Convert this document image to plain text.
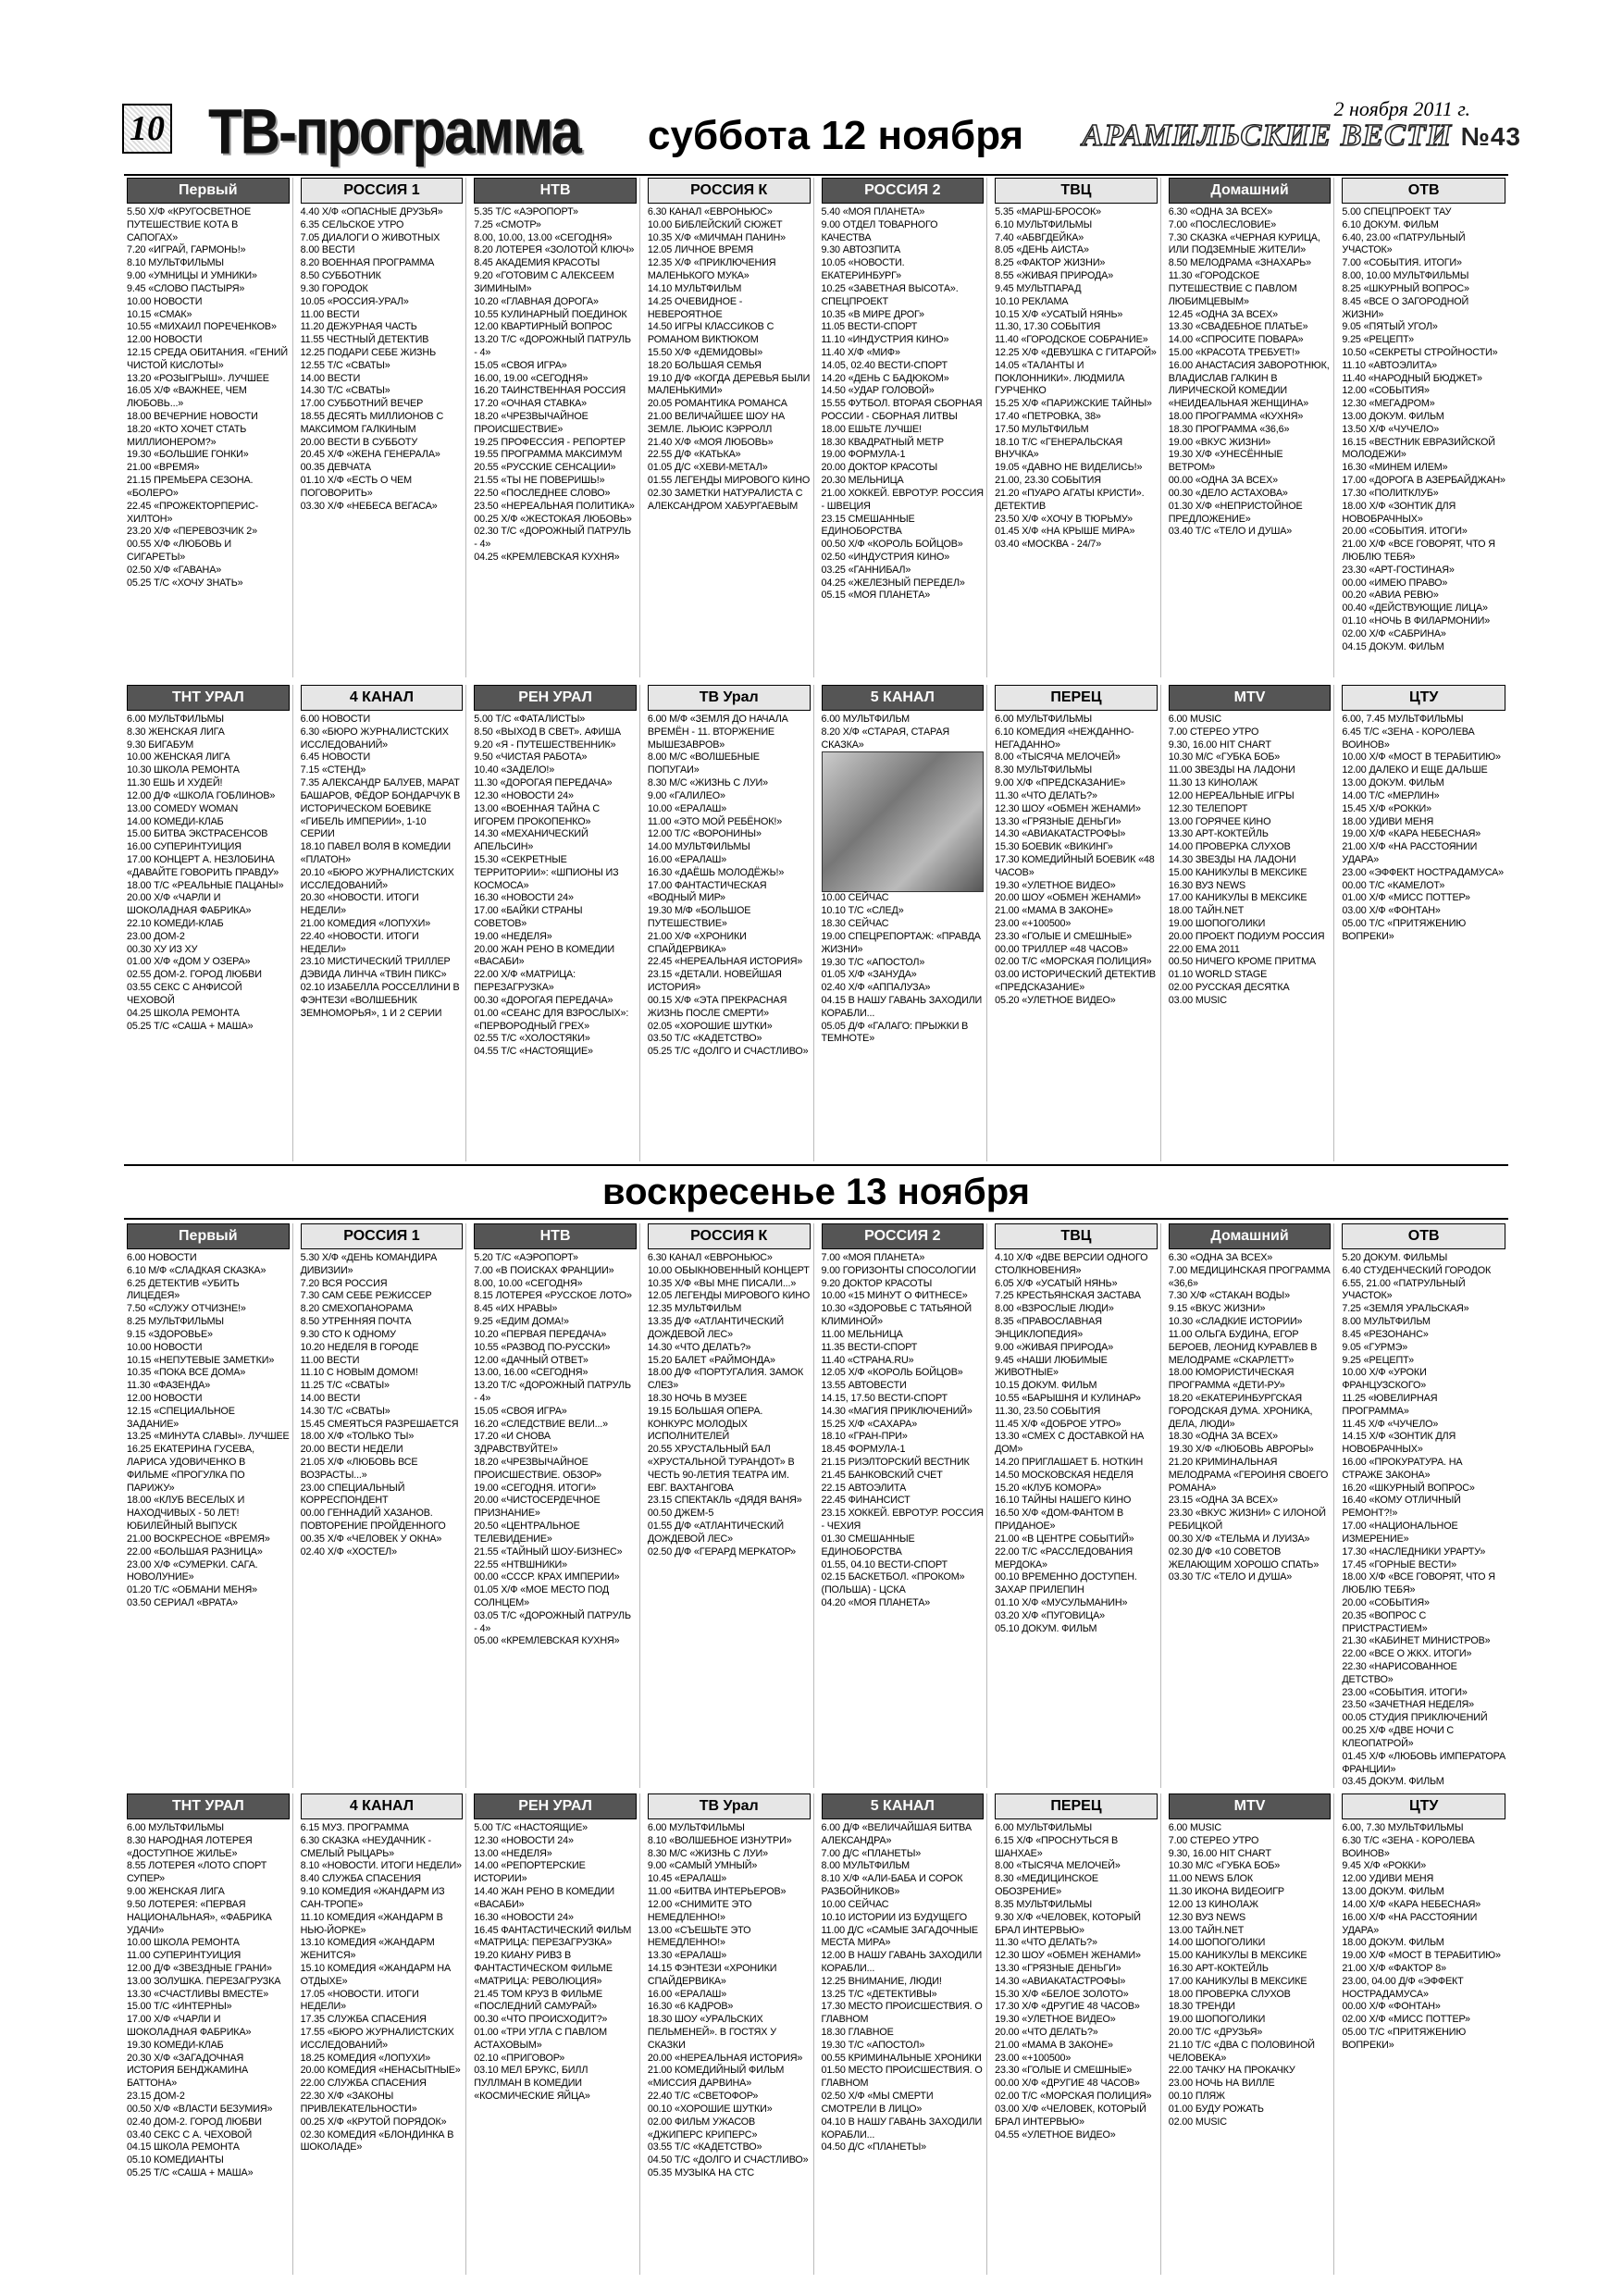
10 ТВ-программа суббота 12 ноября
2 ноября 2011 г.
АРАМИЛЬСКИЕ ВЕСТИ №43
Первый
5.50 Х/Ф «КРУГОСВЕТНОЕ ПУТЕШЕСТВИЕ КОТА В САПОГАХ»
7.20 «ИГРАЙ, ГАРМОНЬ!»
8.10 МУЛЬТФИЛЬМЫ
9.00 «УМНИЦЫ И УМНИКИ»
9.45 «СЛОВО ПАСТЫРЯ»
10.00 НОВОСТИ
10.15 «СМАК»
10.55 «МИХАИЛ ПОРЕЧЕНКОВ»
12.00 НОВОСТИ
12.15 СРЕДА ОБИТАНИЯ. «ГЕНИЙ ЧИСТОЙ КИСЛОТЫ»
13.20 «РОЗЫГРЫШ». ЛУЧШЕЕ
16.05 Х/Ф «ВАЖНЕЕ, ЧЕМ ЛЮБОВЬ...»
18.00 ВЕЧЕРНИЕ НОВОСТИ
18.20 «КТО ХОЧЕТ СТАТЬ МИЛЛИОНЕРОМ?»
19.30 «БОЛЬШИЕ ГОНКИ»
21.00 «ВРЕМЯ»
21.15 ПРЕМЬЕРА СЕЗОНА. «БОЛЕРО»
22.45 «ПРОЖЕКТОРПЕРИС-ХИЛТОН»
23.20 Х/Ф «ПЕРЕВОЗЧИК 2»
00.55 Х/Ф «ЛЮБОВЬ И СИГАРЕТЫ»
02.50 Х/Ф «ГАВАНА»
05.25 Т/С «ХОЧУ ЗНАТЬ»
РОССИЯ 1
4.40 Х/Ф «ОПАСНЫЕ ДРУЗЬЯ»
6.35 СЕЛЬСКОЕ УТРО
7.05 ДИАЛОГИ О ЖИВОТНЫХ
8.00 ВЕСТИ
8.20 ВОЕННАЯ ПРОГРАММА
8.50 СУББОТНИК
9.30 ГОРОДОК
10.05 «РОССИЯ-УРАЛ»
11.00 ВЕСТИ
11.20 ДЕЖУРНАЯ ЧАСТЬ
11.55 ЧЕСТНЫЙ ДЕТЕКТИВ
12.25 ПОДАРИ СЕБЕ ЖИЗНЬ
12.55 Т/С «СВАТЫ»
14.00 ВЕСТИ
14.30 Т/С «СВАТЫ»
17.00 СУББОТНИЙ ВЕЧЕР
18.55 ДЕСЯТЬ МИЛЛИОНОВ С МАКСИМОМ ГАЛКИНЫМ
20.00 ВЕСТИ В СУББОТУ
20.45 Х/Ф «ЖЕНА ГЕНЕРАЛА»
00.35 ДЕВЧАТА
01.10 Х/Ф «ЕСТЬ О ЧЕМ ПОГОВОРИТЬ»
03.30 Х/Ф «НЕБЕСА ВЕГАСА»
НТВ
5.35 Т/С «АЭРОПОРТ»
7.25 «СМОТР»
8.00, 10.00, 13.00 «СЕГОДНЯ»
8.20 ЛОТЕРЕЯ «ЗОЛОТОЙ КЛЮЧ»
8.45 АКАДЕМИЯ КРАСОТЫ
9.20 «ГОТОВИМ С АЛЕКСЕЕМ ЗИМИНЫМ»
10.20 «ГЛАВНАЯ ДОРОГА»
10.55 КУЛИНАРНЫЙ ПОЕДИНОК
12.00 КВАРТИРНЫЙ ВОПРОС
13.20 Т/С «ДОРОЖНЫЙ ПАТРУЛЬ - 4»
15.05 «СВОЯ ИГРА»
16.00, 19.00 «СЕГОДНЯ»
16.20 ТАИНСТВЕННАЯ РОССИЯ
17.20 «ОЧНАЯ СТАВКА»
18.20 «ЧРЕЗВЫЧАЙНОЕ ПРОИСШЕСТВИЕ»
19.25 ПРОФЕССИЯ - РЕПОРТЕР
19.55 ПРОГРАММА МАКСИМУМ
20.55 «РУССКИЕ СЕНСАЦИИ»
21.55 «ТЫ НЕ ПОВЕРИШЬ!»
22.50 «ПОСЛЕДНЕЕ СЛОВО»
23.50 «НЕРЕАЛЬНАЯ ПОЛИТИКА»
00.25 Х/Ф «ЖЕСТОКАЯ ЛЮБОВЬ»
02.30 Т/С «ДОРОЖНЫЙ ПАТРУЛЬ - 4»
04.25 «КРЕМЛЕВСКАЯ КУХНЯ»
РОССИЯ К
6.30 КАНАЛ «ЕВРОНЬЮС»
10.00 БИБЛЕЙСКИЙ СЮЖЕТ
10.35 Х/Ф «МИЧМАН ПАНИН»
12.05 ЛИЧНОЕ ВРЕМЯ
12.35 Х/Ф «ПРИКЛЮЧЕНИЯ МАЛЕНЬКОГО МУКА»
14.10 МУЛЬТФИЛЬМ
14.25 ОЧЕВИДНОЕ - НЕВЕРОЯТНОЕ
14.50 ИГРЫ КЛАССИКОВ С РОМАНОМ ВИКТЮКОМ
15.50 Х/Ф «ДЕМИДОВЫ»
18.20 БОЛЬШАЯ СЕМЬЯ
19.10 Д/Ф «КОГДА ДЕРЕВЬЯ БЫЛИ МАЛЕНЬКИМИ»
20.05 РОМАНТИКА РОМАНСА
21.00 ВЕЛИЧАЙШЕЕ ШОУ НА ЗЕМЛЕ. ЛЬЮИС КЭРРОЛЛ
21.40 Х/Ф «МОЯ ЛЮБОВЬ»
22.55 Д/Ф «КАТЬКА»
01.05 Д/С «ХЕВИ-МЕТАЛ»
01.55 ЛЕГЕНДЫ МИРОВОГО КИНО
02.30 ЗАМЕТКИ НАТУРАЛИСТА С АЛЕКСАНДРОМ ХАБУРГАЕВЫМ
РОССИЯ 2
5.40 «МОЯ ПЛАНЕТА»
9.00 ОТДЕЛ ТОВАРНОГО КАЧЕСТВА
9.30 АВТОЗПИТА
10.05 «НОВОСТИ. ЕКАТЕРИНБУРГ»
10.25 «ЗАВЕТНАЯ ВЫСОТА». СПЕЦПРОЕКТ
10.35 «В МИРЕ ДРОГ»
11.05 ВЕСТИ-СПОРТ
11.10 «ИНДУСТРИЯ КИНО»
11.40 Х/Ф «МИФ»
14.05, 02.40 ВЕСТИ-СПОРТ
14.20 «ДЕНЬ С БАДЮКОМ»
14.50 «УДАР ГОЛОВОЙ»
15.55 ФУТБОЛ. ВТОРАЯ СБОРНАЯ РОССИИ - СБОРНАЯ ЛИТВЫ
18.00 ЕШЬТЕ ЛУЧШЕ!
18.30 КВАДРАТНЫЙ МЕТР
19.00 ФОРМУЛА-1
20.00 ДОКТОР КРАСОТЫ
20.30 МЕЛЬНИЦА
21.00 ХОККЕЙ. ЕВРОТУР. РОССИЯ - ШВЕЦИЯ
23.15 СМЕШАННЫЕ ЕДИНОБОРСТВА
00.50 Х/Ф «КОРОЛЬ БОЙЦОВ»
02.50 «ИНДУСТРИЯ КИНО»
03.25 «ГАННИБАЛ»
04.25 «ЖЕЛЕЗНЫЙ ПЕРЕДЕЛ»
05.15 «МОЯ ПЛАНЕТА»
ТВЦ
5.35 «МАРШ-БРОСОК»
6.10 МУЛЬТФИЛЬМЫ
7.40 «АБВГДЕЙКА»
8.05 «ДЕНЬ АИСТА»
8.25 «ФАКТОР ЖИЗНИ»
8.55 «ЖИВАЯ ПРИРОДА»
9.45 МУЛЬТПАРАД
10.10 РЕКЛАМА
10.15 Х/Ф «УСАТЫЙ НЯНЬ»
11.30, 17.30 СОБЫТИЯ
11.40 «ГОРОДСКОЕ СОБРАНИЕ»
12.25 Х/Ф «ДЕВУШКА С ГИТАРОЙ»
14.05 «ТАЛАНТЫ И ПОКЛОННИКИ». ЛЮДМИЛА ГУРЧЕНКО
15.25 Х/Ф «ПАРИЖСКИЕ ТАЙНЫ»
17.40 «ПЕТРОВКА, 38»
17.50 МУЛЬТФИЛЬМ
18.10 Т/С «ГЕНЕРАЛЬСКАЯ ВНУЧКА»
19.05 «ДАВНО НЕ ВИДЕЛИСЬ!»
21.00, 23.30 СОБЫТИЯ
21.20 «ПУАРО АГАТЫ КРИСТИ». ДЕТЕКТИВ
23.50 Х/Ф «ХОЧУ В ТЮРЬМУ»
01.45 Х/Ф «НА КРЫШЕ МИРА»
03.40 «МОСКВА - 24/7»
Домашний
6.30 «ОДНА ЗА ВСЕХ»
7.00 «ПОСЛЕСЛОВИЕ»
7.30 СКАЗКА «ЧЕРНАЯ КУРИЦА, ИЛИ ПОДЗЕМНЫЕ ЖИТЕЛИ»
8.50 МЕЛОДРАМА «ЗНАХАРЬ»
11.30 «ГОРОДСКОЕ ПУТЕШЕСТВИЕ С ПАВЛОМ ЛЮБИМЦЕВЫМ»
12.45 «ОДНА ЗА ВСЕХ»
13.30 «СВАДЕБНОЕ ПЛАТЬЕ»
14.00 «СПРОСИТЕ ПОВАРА»
15.00 «КРАСОТА ТРЕБУЕТ!»
16.00 АНАСТАСИЯ ЗАВОРОТНЮК, ВЛАДИСЛАВ ГАЛКИН В ЛИРИЧЕСКОЙ КОМЕДИИ «НЕИДЕАЛЬНАЯ ЖЕНЩИНА»
18.00 ПРОГРАММА «КУХНЯ»
18.30 ПРОГРАММА «36,6»
19.00 «ВКУС ЖИЗНИ»
19.30 Х/Ф «УНЕСЁННЫЕ ВЕТРОМ»
00.00 «ОДНА ЗА ВСЕХ»
00.30 «ДЕЛО АСТАХОВА»
01.30 Х/Ф «НЕПРИСТОЙНОЕ ПРЕДЛОЖЕНИЕ»
03.40 Т/С «ТЕЛО И ДУША»
ОТВ
5.00 СПЕЦПРОЕКТ ТАУ
6.10 ДОКУМ. ФИЛЬМ
6.40, 23.00 «ПАТРУЛЬНЫЙ УЧАСТОК»
7.00 «СОБЫТИЯ. ИТОГИ»
8.00, 10.00 МУЛЬТФИЛЬМЫ
8.25 «ШКУРНЫЙ ВОПРОС»
8.45 «ВСЕ О ЗАГОРОДНОЙ ЖИЗНИ»
9.05 «ПЯТЫЙ УГОЛ»
9.25 «РЕЦЕПТ»
10.50 «СЕКРЕТЫ СТРОЙНОСТИ»
11.10 «АВТОЭЛИТА»
11.40 «НАРОДНЫЙ БЮДЖЕТ»
12.00 «СОБЫТИЯ»
12.30 «МЕГАДРОМ»
13.00 ДОКУМ. ФИЛЬМ
13.50 Х/Ф «ЧУЧЕЛО»
16.15 «ВЕСТНИК ЕВРАЗИЙСКОЙ МОЛОДЕЖИ»
16.30 «МИНЕМ ИЛЕМ»
17.00 «ДОРОГА В АЗЕРБАЙДЖАН»
17.30 «ПОЛИТКЛУБ»
18.00 Х/Ф «ЗОНТИК ДЛЯ НОВОБРАЧНЫХ»
20.00 «СОБЫТИЯ. ИТОГИ»
21.00 Х/Ф «ВСЕ ГОВОРЯТ, ЧТО Я ЛЮБЛЮ ТЕБЯ»
23.30 «АРТ-ГОСТИНАЯ»
00.00 «ИМЕЮ ПРАВО»
00.20 «АВИА РЕВЮ»
00.40 «ДЕЙСТВУЮЩИЕ ЛИЦА»
01.10 «НОЧЬ В ФИЛАРМОНИИ»
02.00 Х/Ф «САБРИНА»
04.15 ДОКУМ. ФИЛЬМ
ТНТ УРАЛ
6.00 МУЛЬТФИЛЬМЫ
8.30 ЖЕНСКАЯ ЛИГА
9.30 БИГАБУМ
10.00 ЖЕНСКАЯ ЛИГА
10.30 ШКОЛА РЕМОНТА
11.30 ЕШЬ И ХУДЕЙ!
12.00 Д/Ф «ШКОЛА ГОБЛИНОВ»
13.00 COMEDY WOMAN
14.00 КОМЕДИ-КЛАБ
15.00 БИТВА ЭКСТРАСЕНСОВ
16.00 СУПЕРИНТУИЦИЯ
17.00 КОНЦЕРТ А. НЕЗЛОБИНА «ДАВАЙТЕ ГОВОРИТЬ ПРАВДУ»
18.00 Т/С «РЕАЛЬНЫЕ ПАЦАНЫ»
20.00 Х/Ф «ЧАРЛИ И ШОКОЛАДНАЯ ФАБРИКА»
22.10 КОМЕДИ-КЛАБ
23.00 ДОМ-2
00.30 ХУ ИЗ ХУ
01.00 Х/Ф «ДОМ У ОЗЕРА»
02.55 ДОМ-2. ГОРОД ЛЮБВИ
03.55 СЕКС С АНФИСОЙ ЧЕХОВОЙ
04.25 ШКОЛА РЕМОНТА
05.25 Т/С «САША + МАША»
4 КАНАЛ
6.00 НОВОСТИ
6.30 «БЮРО ЖУРНАЛИСТСКИХ ИССЛЕДОВАНИЙ»
6.45 НОВОСТИ
7.15 «СТЕНД»
7.35 АЛЕКСАНДР БАЛУЕВ, МАРАТ БАШАРОВ, ФЁДОР БОНДАРЧУК В ИСТОРИЧЕСКОМ БОЕВИКЕ «ГИБЕЛЬ ИМПЕРИИ», 1-10 СЕРИИ
18.10 ПАВЕЛ ВОЛЯ В КОМЕДИИ «ПЛАТОН»
20.10 «БЮРО ЖУРНАЛИСТСКИХ ИССЛЕДОВАНИЙ»
20.30 «НОВОСТИ. ИТОГИ НЕДЕЛИ»
21.00 КОМЕДИЯ «ЛОПУХИ»
22.40 «НОВОСТИ. ИТОГИ НЕДЕЛИ»
23.10 МИСТИЧЕСКИЙ ТРИЛЛЕР ДЭВИДА ЛИНЧА «ТВИН ПИКС»
02.10 ИЗАБЕЛЛА РОССЕЛЛИНИ В ФЭНТЕЗИ «ВОЛШЕБНИК ЗЕМНОМОРЬЯ», 1 И 2 СЕРИИ
РЕН УРАЛ
5.00 Т/С «ФАТАЛИСТЫ»
8.50 «ВЫХОД В СВЕТ». АФИША
9.20 «Я - ПУТЕШЕСТВЕННИК»
9.50 «ЧИСТАЯ РАБОТА»
10.40 «ЗАДЕЛО!»
11.30 «ДОРОГАЯ ПЕРЕДАЧА»
12.30 «НОВОСТИ 24»
13.00 «ВОЕННАЯ ТАЙНА С ИГОРЕМ ПРОКОПЕНКО»
14.30 «МЕХАНИЧЕСКИЙ АПЕЛЬСИН»
15.30 «СЕКРЕТНЫЕ ТЕРРИТОРИИ»: «ШПИОНЫ ИЗ КОСМОСА»
16.30 «НОВОСТИ 24»
17.00 «БАЙКИ СТРАНЫ СОВЕТОВ»
19.00 «НЕДЕЛЯ»
20.00 ЖАН РЕНО В КОМЕДИИ «ВАСАБИ»
22.00 Х/Ф «МАТРИЦА: ПЕРЕЗАГРУЗКА»
00.30 «ДОРОГАЯ ПЕРЕДАЧА»
01.00 «СЕАНС ДЛЯ ВЗРОСЛЫХ»: «ПЕРВОРОДНЫЙ ГРЕХ»
02.55 Т/С «ХОЛОСТЯКИ»
04.55 Т/С «НАСТОЯЩИЕ»
ТВ Урал
6.00 М/Ф «ЗЕМЛЯ ДО НАЧАЛА ВРЕМЁН - 11. ВТОРЖЕНИЕ МЫШЕЗАВРОВ»
8.00 М/С «ВОЛШЕБНЫЕ ПОПУГАИ»
8.30 М/С «ЖИЗНЬ С ЛУИ»
9.00 «ГАЛИЛЕО»
10.00 «ЕРАЛАШ»
11.00 «ЭТО МОЙ РЕБЁНОК!»
12.00 Т/С «ВОРОНИНЫ»
14.00 МУЛЬТФИЛЬМЫ
16.00 «ЕРАЛАШ»
16.30 «ДАЁШЬ МОЛОДЁЖЬ!»
17.00 ФАНТАСТИЧЕСКАЯ «ВОДНЫЙ МИР»
19.30 М/Ф «БОЛЬШОЕ ПУТЕШЕСТВИЕ»
21.00 Х/Ф «ХРОНИКИ СПАЙДЕРВИКА»
22.45 «НЕРЕАЛЬНАЯ ИСТОРИЯ»
23.15 «ДЕТАЛИ. НОВЕЙШАЯ ИСТОРИЯ»
00.15 Х/Ф «ЭТА ПРЕКРАСНАЯ ЖИЗНЬ ПОСЛЕ СМЕРТИ»
02.05 «ХОРОШИЕ ШУТКИ»
03.50 Т/С «КАДЕТСТВО»
05.25 Т/С «ДОЛГО И СЧАСТЛИВО»
5 КАНАЛ
6.00 МУЛЬТФИЛЬМ
8.20 Х/Ф «СТАРАЯ, СТАРАЯ СКАЗКА»
10.00 СЕЙЧАС
10.10 Т/С «СЛЕД»
18.30 СЕЙЧАС
19.00 СПЕЦРЕПОРТАЖ: «ПРАВДА ЖИЗНИ»
19.30 Т/С «АПОСТОЛ»
01.05 Х/Ф «ЗАНУДА»
02.40 Х/Ф «АППАЛУЗА»
04.15 В НАШУ ГАВАНЬ ЗАХОДИЛИ КОРАБЛИ...
05.05 Д/Ф «ГАЛАГО: ПРЫЖКИ В ТЕМНОТЕ»
ПЕРЕЦ
6.00 МУЛЬТФИЛЬМЫ
6.10 КОМЕДИЯ «НЕЖДАННО-НЕГАДАННО»
8.00 «ТЫСЯЧА МЕЛОЧЕЙ»
8.30 МУЛЬТФИЛЬМЫ
9.00 Х/Ф «ПРЕДСКАЗАНИЕ»
11.30 «ЧТО ДЕЛАТЬ?»
12.30 ШОУ «ОБМЕН ЖЕНАМИ»
13.30 «ГРЯЗНЫЕ ДЕНЬГИ»
14.30 «АВИАКАТАСТРОФЫ»
15.30 БОЕВИК «ВИКИНГ»
17.30 КОМЕДИЙНЫЙ БОЕВИК «48 ЧАСОВ»
19.30 «УЛЕТНОЕ ВИДЕО»
20.00 ШОУ «ОБМЕН ЖЕНАМИ»
21.00 «МАМА В ЗАКОНЕ»
23.00 «+100500»
23.30 «ГОЛЫЕ И СМЕШНЫЕ»
00.00 ТРИЛЛЕР «48 ЧАСОВ»
02.00 Т/С «МОРСКАЯ ПОЛИЦИЯ»
03.00 ИСТОРИЧЕСКИЙ ДЕТЕКТИВ «ПРЕДСКАЗАНИЕ»
05.20 «УЛЕТНОЕ ВИДЕО»
MTV
6.00 MUSIC
7.00 СТЕРЕО УТРО
9.30, 16.00 HIT CHART
10.30 М/С «ГУБКА БОБ»
11.00 ЗВЕЗДЫ НА ЛАДОНИ
11.30 13 КИНОЛАЖ
12.00 НЕРЕАЛЬНЫЕ ИГРЫ
12.30 ТЕЛЕПОРТ
13.00 ГОРЯЧЕЕ КИНО
13.30 АРТ-КОКТЕЙЛЬ
14.00 ПРОВЕРКА СЛУХОВ
14.30 ЗВЕЗДЫ НА ЛАДОНИ
15.00 КАНИКУЛЫ В МЕКСИКЕ
16.30 ВУЗ NEWS
17.00 КАНИКУЛЫ В МЕКСИКЕ
18.00 ТАЙН.NET
19.00 ШОПОГОЛИКИ
20.00 ПРОЕКТ ПОДИУМ РОССИЯ
22.00 EMA 2011
00.50 НИЧЕГО КРОМЕ ПРИТМА
01.10 WORLD STAGE
02.00 РУССКАЯ ДЕСЯТКА
03.00 MUSIC
ЦТУ
6.00, 7.45 МУЛЬТФИЛЬМЫ
6.45 Т/С «ЗЕНА - КОРОЛЕВА ВОИНОВ»
10.00 Х/Ф «МОСТ В ТЕРАБИТИЮ»
12.00 ДАЛЕКО И ЕЩЕ ДАЛЬШЕ
13.00 ДОКУМ. ФИЛЬМ
14.00 Т/С «МЕРЛИН»
15.45 Х/Ф «РОККИ»
18.00 УДИВИ МЕНЯ
19.00 Х/Ф «КАРА НЕБЕСНАЯ»
21.00 Х/Ф «НА РАССТОЯНИИ УДАРА»
23.00 «ЭФФЕКТ НОСТРАДАМУСА»
00.00 Т/С «КАМЕЛОТ»
01.00 Х/Ф «МИСС ПОТТЕР»
03.00 Х/Ф «ФОНТАН»
05.00 Т/С «ПРИТЯЖЕНИЮ ВОПРЕКИ»
воскресенье 13 ноября
Первый
6.00 НОВОСТИ
6.10 М/Ф «СЛАДКАЯ СКАЗКА»
6.25 ДЕТЕКТИВ «УБИТЬ ЛИЦЕДЕЯ»
7.50 «СЛУЖУ ОТЧИЗНЕ!»
8.25 МУЛЬТФИЛЬМЫ
9.15 «ЗДОРОВЬЕ»
10.00 НОВОСТИ
10.15 «НЕПУТЕВЫЕ ЗАМЕТКИ»
10.35 «ПОКА ВСЕ ДОМА»
11.30 «ФАЗЕНДА»
12.00 НОВОСТИ
12.15 «СПЕЦИАЛЬНОЕ ЗАДАНИЕ»
13.25 «МИНУТА СЛАВЫ». ЛУЧШЕЕ
16.25 ЕКАТЕРИНА ГУСЕВА, ЛАРИСА УДОВИЧЕНКО В ФИЛЬМЕ «ПРОГУЛКА ПО ПАРИЖУ»
18.00 «КЛУБ ВЕСЕЛЫХ И НАХОДЧИВЫХ - 50 ЛЕТ! ЮБИЛЕЙНЫЙ ВЫПУСК
21.00 ВОСКРЕСНОЕ «ВРЕМЯ»
22.00 «БОЛЬШАЯ РАЗНИЦА»
23.00 Х/Ф «СУМЕРКИ. САГА. НОВОЛУНИЕ»
01.20 Т/С «ОБМАНИ МЕНЯ»
03.50 СЕРИАЛ «ВРАТА»
РОССИЯ 1
5.30 Х/Ф «ДЕНЬ КОМАНДИРА ДИВИЗИИ»
7.20 ВСЯ РОССИЯ
7.30 САМ СЕБЕ РЕЖИССЕР
8.20 СМЕХОПАНОРАМА
8.50 УТРЕННЯЯ ПОЧТА
9.30 СТО К ОДНОМУ
10.20 НЕДЕЛЯ В ГОРОДЕ
11.00 ВЕСТИ
11.10 С НОВЫМ ДОМОМ!
11.25 Т/С «СВАТЫ»
14.00 ВЕСТИ
14.30 Т/С «СВАТЫ»
15.45 СМЕЯТЬСЯ РАЗРЕШАЕТСЯ
18.00 Х/Ф «ТОЛЬКО ТЫ»
20.00 ВЕСТИ НЕДЕЛИ
21.05 Х/Ф «ЛЮБОВЬ ВСЕ ВОЗРАСТЫ...»
23.00 СПЕЦИАЛЬНЫЙ КОРРЕСПОНДЕНТ
00.00 ГЕННАДИЙ ХАЗАНОВ. ПОВТОРЕНИЕ ПРОЙДЕННОГО
00.35 Х/Ф «ЧЕЛОВЕК У ОКНА»
02.40 Х/Ф «ХОСТЕЛ»
НТВ
5.20 Т/С «АЭРОПОРТ»
7.00 «В ПОИСКАХ ФРАНЦИИ»
8.00, 10.00 «СЕГОДНЯ»
8.15 ЛОТЕРЕЯ «РУССКОЕ ЛОТО»
8.45 «ИХ НРАВЫ»
9.25 «ЕДИМ ДОМА!»
10.20 «ПЕРВАЯ ПЕРЕДАЧА»
10.55 «РАЗВОД ПО-РУССКИ»
12.00 «ДАЧНЫЙ ОТВЕТ»
13.00, 16.00 «СЕГОДНЯ»
13.20 Т/С «ДОРОЖНЫЙ ПАТРУЛЬ - 4»
15.05 «СВОЯ ИГРА»
16.20 «СЛЕДСТВИЕ ВЕЛИ...»
17.20 «И СНОВА ЗДРАВСТВУЙТЕ!»
18.20 «ЧРЕЗВЫЧАЙНОЕ ПРОИСШЕСТВИЕ. ОБЗОР»
19.00 «СЕГОДНЯ. ИТОГИ»
20.00 «ЧИСТОСЕРДЕЧНОЕ ПРИЗНАНИЕ»
20.50 «ЦЕНТРАЛЬНОЕ ТЕЛЕВИДЕНИЕ»
21.55 «ТАЙНЫЙ ШОУ-БИЗНЕС»
22.55 «НТВШНИКИ»
00.00 «СССР. КРАХ ИМПЕРИИ»
01.05 Х/Ф «МОЕ МЕСТО ПОД СОЛНЦЕМ»
03.05 Т/С «ДОРОЖНЫЙ ПАТРУЛЬ - 4»
05.00 «КРЕМЛЕВСКАЯ КУХНЯ»
РОССИЯ К
6.30 КАНАЛ «ЕВРОНЬЮС»
10.00 ОБЫКНОВЕННЫЙ КОНЦЕРТ
10.35 Х/Ф «ВЫ МНЕ ПИСАЛИ...»
12.05 ЛЕГЕНДЫ МИРОВОГО КИНО
12.35 МУЛЬТФИЛЬМ
13.35 Д/Ф «АТЛАНТИЧЕСКИЙ ДОЖДЕВОЙ ЛЕС»
14.30 «ЧТО ДЕЛАТЬ?»
15.20 БАЛЕТ «РАЙМОНДА»
18.00 Д/Ф «ПОРТУГАЛИЯ. ЗАМОК СЛЕЗ»
18.30 НОЧЬ В МУЗЕЕ
19.15 БОЛЬШАЯ ОПЕРА. КОНКУРС МОЛОДЫХ ИСПОЛНИТЕЛЕЙ
20.55 ХРУСТАЛЬНЫЙ БАЛ «ХРУСТАЛЬНОЙ ТУРАНДОТ» В ЧЕСТЬ 90-ЛЕТИЯ ТЕАТРА ИМ. ЕВГ. ВАХТАНГОВА
23.15 СПЕКТАКЛЬ «ДЯДЯ ВАНЯ»
00.50 ДЖЕМ-5
01.55 Д/Ф «АТЛАНТИЧЕСКИЙ ДОЖДЕВОЙ ЛЕС»
02.50 Д/Ф «ГЕРАРД МЕРКАТОР»
РОССИЯ 2
7.00 «МОЯ ПЛАНЕТА»
9.00 ГОРИЗОНТЫ СПОСОЛОГИИ
9.20 ДОКТОР КРАСОТЫ
10.00 «15 МИНУТ О ФИТНЕСЕ»
10.30 «ЗДОРОВЬЕ С ТАТЬЯНОЙ КЛИМИНОЙ»
11.00 МЕЛЬНИЦА
11.35 ВЕСТИ-СПОРТ
11.40 «СТРАНА.RU»
12.05 Х/Ф «КОРОЛЬ БОЙЦОВ»
13.55 АВТОВЕСТИ
14.15, 17.50 ВЕСТИ-СПОРТ
14.30 «МАГИЯ ПРИКЛЮЧЕНИЙ»
15.25 Х/Ф «САХАРА»
18.10 «ГРАН-ПРИ»
18.45 ФОРМУЛА-1
21.15 РИЭЛТОРСКИЙ ВЕСТНИК
21.45 БАНКОВСКИЙ СЧЕТ
22.15 АВТОЭЛИТА
22.45 ФИНАНСИСТ
23.15 ХОККЕЙ. ЕВРОТУР. РОССИЯ - ЧЕХИЯ
01.30 СМЕШАННЫЕ ЕДИНОБОРСТВА
01.55, 04.10 ВЕСТИ-СПОРТ
02.15 БАСКЕТБОЛ. «ПРОКОМ» (ПОЛЬША) - ЦСКА
04.20 «МОЯ ПЛАНЕТА»
ТВЦ
4.10 Х/Ф «ДВЕ ВЕРСИИ ОДНОГО СТОЛКНОВЕНИЯ»
6.05 Х/Ф «УСАТЫЙ НЯНЬ»
7.25 КРЕСТЬЯНСКАЯ ЗАСТАВА
8.00 «ВЗРОСЛЫЕ ЛЮДИ»
8.35 «ПРАВОСЛАВНАЯ ЭНЦИКЛОПЕДИЯ»
9.00 «ЖИВАЯ ПРИРОДА»
9.45 «НАШИ ЛЮБИМЫЕ ЖИВОТНЫЕ»
10.15 ДОКУМ. ФИЛЬМ
10.55 «БАРЫШНЯ И КУЛИНАР»
11.30, 23.50 СОБЫТИЯ
11.45 Х/Ф «ДОБРОЕ УТРО»
13.30 «СМЕХ С ДОСТАВКОЙ НА ДОМ»
14.20 ПРИГЛАШАЕТ Б. НОТКИН
14.50 МОСКОВСКАЯ НЕДЕЛЯ
15.20 «КЛУБ КОМОРА»
16.10 ТАЙНЫ НАШЕГО КИНО
16.50 Х/Ф «ДОМ-ФАНТОМ В ПРИДАНОЕ»
21.00 «В ЦЕНТРЕ СОБЫТИЙ»
22.00 Т/С «РАССЛЕДОВАНИЯ МЕРДОКА»
00.10 ВРЕМЕННО ДОСТУПЕН. ЗАХАР ПРИЛЕПИН
01.10 Х/Ф «МУСУЛЬМАНИН»
03.20 Х/Ф «ПУГОВИЦА»
05.10 ДОКУМ. ФИЛЬМ
Домашний
6.30 «ОДНА ЗА ВСЕХ»
7.00 МЕДИЦИНСКАЯ ПРОГРАММА «36,6»
7.30 Х/Ф «СТАКАН ВОДЫ»
9.15 «ВКУС ЖИЗНИ»
10.30 «СЛАДКИЕ ИСТОРИИ»
11.00 ОЛЬГА БУДИНА, ЕГОР БЕРОЕВ, ЛЕОНИД КУРАВЛЕВ В МЕЛОДРАМЕ «СКАРЛЕТТ»
18.00 ЮМОРИСТИЧЕСКАЯ ПРОГРАММА «ДЕТИ-РУ»
18.20 «ЕКАТЕРИНБУРГСКАЯ ГОРОДСКАЯ ДУМА. ХРОНИКА, ДЕЛА, ЛЮДИ»
18.30 «ОДНА ЗА ВСЕХ»
19.30 Х/Ф «ЛЮБОВЬ АВРОРЫ»
21.20 КРИМИНАЛЬНАЯ МЕЛОДРАМА «ГЕРОИНЯ СВОЕГО РОМАНА»
23.15 «ОДНА ЗА ВСЕХ»
23.30 «ВКУС ЖИЗНИ» С ИЛОНОЙ РЕБИЦКОЙ
00.30 Х/Ф «ТЕЛЬМА И ЛУИЗА»
02.30 Д/Ф «10 СОВЕТОВ ЖЕЛАЮЩИМ ХОРОШО СПАТЬ»
03.30 Т/С «ТЕЛО И ДУША»
ОТВ
5.20 ДОКУМ. ФИЛЬМЫ
6.40 СТУДЕНЧЕСКИЙ ГОРОДОК
6.55, 21.00 «ПАТРУЛЬНЫЙ УЧАСТОК»
7.25 «ЗЕМЛЯ УРАЛЬСКАЯ»
8.00 МУЛЬТФИЛЬМ
8.45 «РЕЗОНАНС»
9.05 «ГУРМЭ»
9.25 «РЕЦЕПТ»
10.00 Х/Ф «УРОКИ ФРАНЦУЗСКОГО»
11.25 «ЮВЕЛИРНАЯ ПРОГРАММА»
11.45 Х/Ф «ЧУЧЕЛО»
14.15 Х/Ф «ЗОНТИК ДЛЯ НОВОБРАЧНЫХ»
16.00 «ПРОКУРАТУРА. НА СТРАЖЕ ЗАКОНА»
16.20 «ШКУРНЫЙ ВОПРОС»
16.40 «КОМУ ОТЛИЧНЫЙ РЕМОНТ?!»
17.00 «НАЦИОНАЛЬНОЕ ИЗМЕРЕНИЕ»
17.30 «НАСЛЕДНИКИ УРАРТУ»
17.45 «ГОРНЫЕ ВЕСТИ»
18.00 Х/Ф «ВСЕ ГОВОРЯТ, ЧТО Я ЛЮБЛЮ ТЕБЯ»
20.00 «СОБЫТИЯ»
20.35 «ВОПРОС С ПРИСТРАСТИЕМ»
21.30 «КАБИНЕТ МИНИСТРОВ»
22.00 «ВСЕ О ЖКХ. ИТОГИ»
22.30 «НАРИСОВАННОЕ ДЕТСТВО»
23.00 «СОБЫТИЯ. ИТОГИ»
23.50 «ЗАЧЕТНАЯ НЕДЕЛЯ»
00.05 СТУДИЯ ПРИКЛЮЧЕНИЙ
00.25 Х/Ф «ДВЕ НОЧИ С КЛЕОПАТРОЙ»
01.45 Х/Ф «ЛЮБОВЬ ИМПЕРАТОРА ФРАНЦИИ»
03.45 ДОКУМ. ФИЛЬМ
ТНТ УРАЛ
6.00 МУЛЬТФИЛЬМЫ
8.30 НАРОДНАЯ ЛОТЕРЕЯ «ДОСТУПНОЕ ЖИЛЬЕ»
8.55 ЛОТЕРЕЯ «ЛОТО СПОРТ СУПЕР»
9.00 ЖЕНСКАЯ ЛИГА
9.50 ЛОТЕРЕЯ: «ПЕРВАЯ НАЦИОНАЛЬНАЯ», «ФАБРИКА УДАЧИ»
10.00 ШКОЛА РЕМОНТА
11.00 СУПЕРИНТУИЦИЯ
12.00 Д/Ф «ЗВЕЗДНЫЕ ГРАНИ»
13.00 ЗОЛУШКА. ПЕРЕЗАГРУЗКА
13.30 «СЧАСТЛИВЫ ВМЕСТЕ»
15.00 Т/С «ИНТЕРНЫ»
17.00 Х/Ф «ЧАРЛИ И ШОКОЛАДНАЯ ФАБРИКА»
19.30 КОМЕДИ-КЛАБ
20.30 Х/Ф «ЗАГАДОЧНАЯ ИСТОРИЯ БЕНДЖАМИНА БАТТОНА»
23.15 ДОМ-2
00.50 Х/Ф «ВЛАСТИ БЕЗУМИЯ»
02.40 ДОМ-2. ГОРОД ЛЮБВИ
03.40 СЕКС С А. ЧЕХОВОЙ
04.15 ШКОЛА РЕМОНТА
05.10 КОМЕДИАНТЫ
05.25 Т/С «САША + МАША»
4 КАНАЛ
6.15 МУЗ. ПРОГРАММА
6.30 СКАЗКА «НЕУДАЧНИК - СМЕЛЫЙ РЫЦАРЬ»
8.10 «НОВОСТИ. ИТОГИ НЕДЕЛИ»
8.40 СЛУЖБА СПАСЕНИЯ
9.10 КОМЕДИЯ «ЖАНДАРМ ИЗ САН-ТРОПЕ»
11.10 КОМЕДИЯ «ЖАНДАРМ В НЬЮ-ЙОРКЕ»
13.10 КОМЕДИЯ «ЖАНДАРМ ЖЕНИТСЯ»
15.10 КОМЕДИЯ «ЖАНДАРМ НА ОТДЫХЕ»
17.05 «НОВОСТИ. ИТОГИ НЕДЕЛИ»
17.35 СЛУЖБА СПАСЕНИЯ
17.55 «БЮРО ЖУРНАЛИСТСКИХ ИССЛЕДОВАНИЙ»
18.25 КОМЕДИЯ «ЛОПУХИ»
20.00 КОМЕДИЯ «НЕНАСЫТНЫЕ»
22.00 СЛУЖБА СПАСЕНИЯ
22.30 Х/Ф «ЗАКОНЫ ПРИВЛЕКАТЕЛЬНОСТИ»
00.25 Х/Ф «КРУТОЙ ПОРЯДОК»
02.30 КОМЕДИЯ «БЛОНДИНКА В ШОКОЛАДЕ»
РЕН УРАЛ
5.00 Т/С «НАСТОЯЩИЕ»
12.30 «НОВОСТИ 24»
13.00 «НЕДЕЛЯ»
14.00 «РЕПОРТЕРСКИЕ ИСТОРИИ»
14.40 ЖАН РЕНО В КОМЕДИИ «ВАСАБИ»
16.30 «НОВОСТИ 24»
16.45 ФАНТАСТИЧЕСКИЙ ФИЛЬМ «МАТРИЦА: ПЕРЕЗАГРУЗКА»
19.20 КИАНУ РИВЗ В ФАНТАСТИЧЕСКОМ ФИЛЬМЕ «МАТРИЦА: РЕВОЛЮЦИЯ»
21.45 ТОМ КРУЗ В ФИЛЬМЕ «ПОСЛЕДНИЙ САМУРАЙ»
00.30 «ЧТО ПРОИСХОДИТ?»
01.00 «ТРИ УГЛА С ПАВЛОМ АСТАХОВЫМ»
02.10 «ПРИГОВОР»
03.10 МЕЛ БРУКС, БИЛЛ ПУЛЛМАН В КОМЕДИИ «КОСМИЧЕСКИЕ ЯЙЦА»
ТВ Урал
6.00 МУЛЬТФИЛЬМЫ
8.10 «ВОЛШЕБНОЕ ИЗНУТРИ»
8.30 М/С «ЖИЗНЬ С ЛУИ»
9.00 «САМЫЙ УМНЫЙ»
10.45 «ЕРАЛАШ»
11.00 «БИТВА ИНТЕРЬЕРОВ»
12.00 «СНИМИТЕ ЭТО НЕМЕДЛЕННО!»
13.00 «СЪЕШЬТЕ ЭТО НЕМЕДЛЕННО!»
13.30 «ЕРАЛАШ»
14.15 ФЭНТЕЗИ «ХРОНИКИ СПАЙДЕРВИКА»
16.00 «ЕРАЛАШ»
16.30 «6 КАДРОВ»
18.30 ШОУ «УРАЛЬСКИХ ПЕЛЬМЕНЕЙ». В ГОСТЯХ У СКАЗКИ
20.00 «НЕРЕАЛЬНАЯ ИСТОРИЯ»
21.00 КОМЕДИЙНЫЙ ФИЛЬМ «МИССИЯ ДАРВИНА»
22.40 Т/С «СВЕТОФОР»
00.10 «ХОРОШИЕ ШУТКИ»
02.00 ФИЛЬМ УЖАСОВ «ДЖИПЕРС КРИПЕРС»
03.55 Т/С «КАДЕТСТВО»
04.50 Т/С «ДОЛГО И СЧАСТЛИВО»
05.35 МУЗЫКА НА СТС
5 КАНАЛ
6.00 Д/Ф «ВЕЛИЧАЙШАЯ БИТВА АЛЕКСАНДРА»
7.00 Д/С «ПЛАНЕТЫ»
8.00 МУЛЬТФИЛЬМ
8.10 Х/Ф «АЛИ-БАБА И СОРОК РАЗБОЙНИКОВ»
10.00 СЕЙЧАС
10.10 ИСТОРИИ ИЗ БУДУЩЕГО
11.00 Д/С «САМЫЕ ЗАГАДОЧНЫЕ МЕСТА МИРА»
12.00 В НАШУ ГАВАНЬ ЗАХОДИЛИ КОРАБЛИ...
12.25 ВНИМАНИЕ, ЛЮДИ!
13.25 Т/С «ДЕТЕКТИВЫ»
17.30 МЕСТО ПРОИСШЕСТВИЯ. О ГЛАВНОМ
18.30 ГЛАВНОЕ
19.30 Т/С «АПОСТОЛ»
00.55 КРИМИНАЛЬНЫЕ ХРОНИКИ
01.50 МЕСТО ПРОИСШЕСТВИЯ. О ГЛАВНОМ
02.50 Х/Ф «МЫ СМЕРТИ СМОТРЕЛИ В ЛИЦО»
04.10 В НАШУ ГАВАНЬ ЗАХОДИЛИ КОРАБЛИ...
04.50 Д/С «ПЛАНЕТЫ»
ПЕРЕЦ
6.00 МУЛЬТФИЛЬМЫ
6.15 Х/Ф «ПРОСНУТЬСЯ В ШАНХАЕ»
8.00 «ТЫСЯЧА МЕЛОЧЕЙ»
8.30 «МЕДИЦИНСКОЕ ОБОЗРЕНИЕ»
8.35 МУЛЬТФИЛЬМЫ
9.30 Х/Ф «ЧЕЛОВЕК, КОТОРЫЙ БРАЛ ИНТЕРВЬЮ»
11.30 «ЧТО ДЕЛАТЬ?»
12.30 ШОУ «ОБМЕН ЖЕНАМИ»
13.30 «ГРЯЗНЫЕ ДЕНЬГИ»
14.30 «АВИАКАТАСТРОФЫ»
15.30 Х/Ф «БЕЛОЕ ЗОЛОТО»
17.30 Х/Ф «ДРУГИЕ 48 ЧАСОВ»
19.30 «УЛЕТНОЕ ВИДЕО»
20.00 «ЧТО ДЕЛАТЬ?»
21.00 «МАМА В ЗАКОНЕ»
23.00 «+100500»
23.30 «ГОЛЫЕ И СМЕШНЫЕ»
00.00 Х/Ф «ДРУГИЕ 48 ЧАСОВ»
02.00 Т/С «МОРСКАЯ ПОЛИЦИЯ»
03.00 Х/Ф «ЧЕЛОВЕК, КОТОРЫЙ БРАЛ ИНТЕРВЬЮ»
04.55 «УЛЕТНОЕ ВИДЕО»
MTV
6.00 MUSIC
7.00 СТЕРЕО УТРО
9.30, 16.00 HIT CHART
10.30 М/С «ГУБКА БОБ»
11.00 NEWS БЛОК
11.30 ИКОНА ВИДЕОИГР
12.00 13 КИНОЛАЖ
12.30 ВУЗ NEWS
13.00 ТАЙН.NET
14.00 ШОПОГОЛИКИ
15.00 КАНИКУЛЫ В МЕКСИКЕ
16.30 АРТ-КОКТЕЙЛЬ
17.00 КАНИКУЛЫ В МЕКСИКЕ
18.00 ПРОВЕРКА СЛУХОВ
18.30 ТРЕНДИ
19.00 ШОПОГОЛИКИ
20.00 Т/С «ДРУЗЬЯ»
21.10 Т/С «ДВА С ПОЛОВИНОЙ ЧЕЛОВЕКА»
22.00 ТАЧКУ НА ПРОКАЧКУ
23.00 НОЧЬ НА ВИЛЛЕ
00.10 ПЛЯЖ
01.00 БУДУ РОЖАТЬ
02.00 MUSIC
ЦТУ
6.00, 7.30 МУЛЬТФИЛЬМЫ
6.30 Т/С «ЗЕНА - КОРОЛЕВА ВОИНОВ»
9.45 Х/Ф «РОККИ»
12.00 УДИВИ МЕНЯ
13.00 ДОКУМ. ФИЛЬМ
14.00 Х/Ф «КАРА НЕБЕСНАЯ»
16.00 Х/Ф «НА РАССТОЯНИИ УДАРА»
18.00 ДОКУМ. ФИЛЬМ
19.00 Х/Ф «МОСТ В ТЕРАБИТИЮ»
21.00 Х/Ф «ФАКТОР 8»
23.00, 04.00 Д/Ф «ЭФФЕКТ НОСТРАДАМУСА»
00.00 Х/Ф «ФОНТАН»
02.00 Х/Ф «МИСС ПОТТЕР»
05.00 Т/С «ПРИТЯЖЕНИЮ ВОПРЕКИ»
